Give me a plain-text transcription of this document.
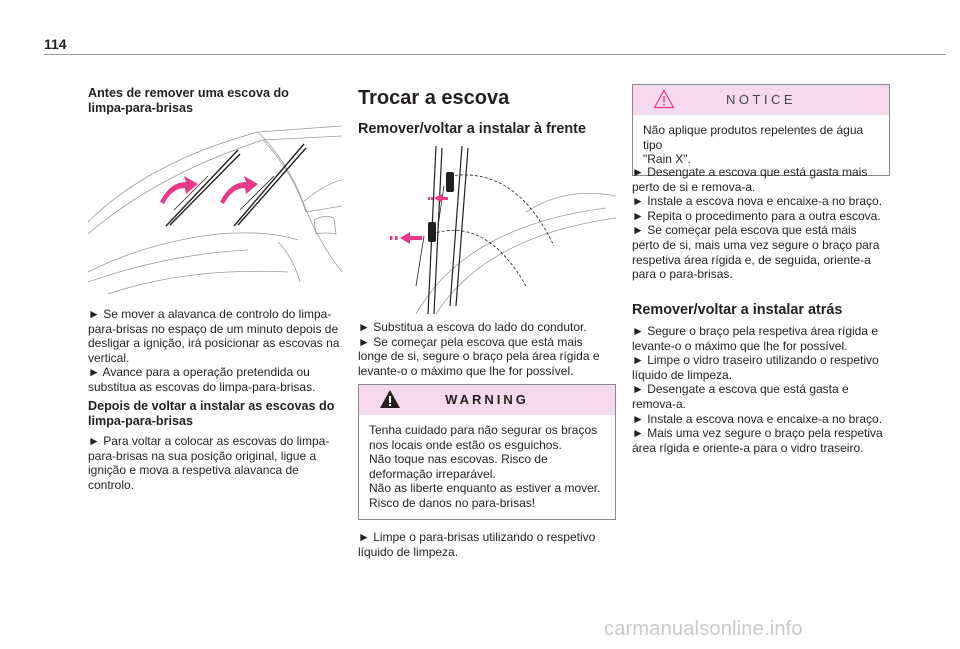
114
Antes de remover uma escova do
limpa-para-brisas

► Se mover a alavanca de controlo do limpa-

para-brisas no espaço de um minuto depois de

desligar a ignição, irá posicionar as escovas na

vertical.

► Avance para a operação pretendida ou

substitua as escovas do limpa-para-brisas.

Depois de voltar a instalar as escovas do
limpa-para-brisas

► Para voltar a colocar as escovas do limpa-

para-brisas na sua posição original, ligue a

ignição e mova a respetiva alavanca de controlo.

Trocar a escova
Remover/voltar a instalar à frente

► Substitua a escova do lado do condutor.

► Se começar pela escova que está mais

longe de si, segure o braço pela área rígida e

levante-o o máximo que lhe for possível.

WARNING

Tenha cuidado para não segurar os braços

nos locais onde estão os esguichos.

Não toque nas escovas. Risco de

deformação irreparável.

Não as liberte enquanto as estiver a mover.

Risco de danos no para-brisas!

► Limpe o para-brisas utilizando o respetivo

líquido de limpeza.

NOTICE

Não aplique produtos repelentes de água tipo

"Rain X".

► Desengate a escova que está gasta mais

perto de si e remova-a.

► Instale a escova nova e encaixe-a no braço.

► Repita o procedimento para a outra escova.

► Se começar pela escova que está mais

perto de si, mais uma vez segure o braço para

respetiva área rígida e, de seguida, oriente-a

para o para-brisas.

Remover/voltar a instalar atrás

► Segure o braço pela respetiva área rígida e

levante-o o máximo que lhe for possível.

► Limpe o vidro traseiro utilizando o respetivo

líquido de limpeza.

► Desengate a escova que está gasta e

remova-a.

► Instale a escova nova e encaixe-a no braço.

► Mais uma vez segure o braço pela respetiva

área rígida e oriente-a para o vidro traseiro.

carmanualsonline.info
